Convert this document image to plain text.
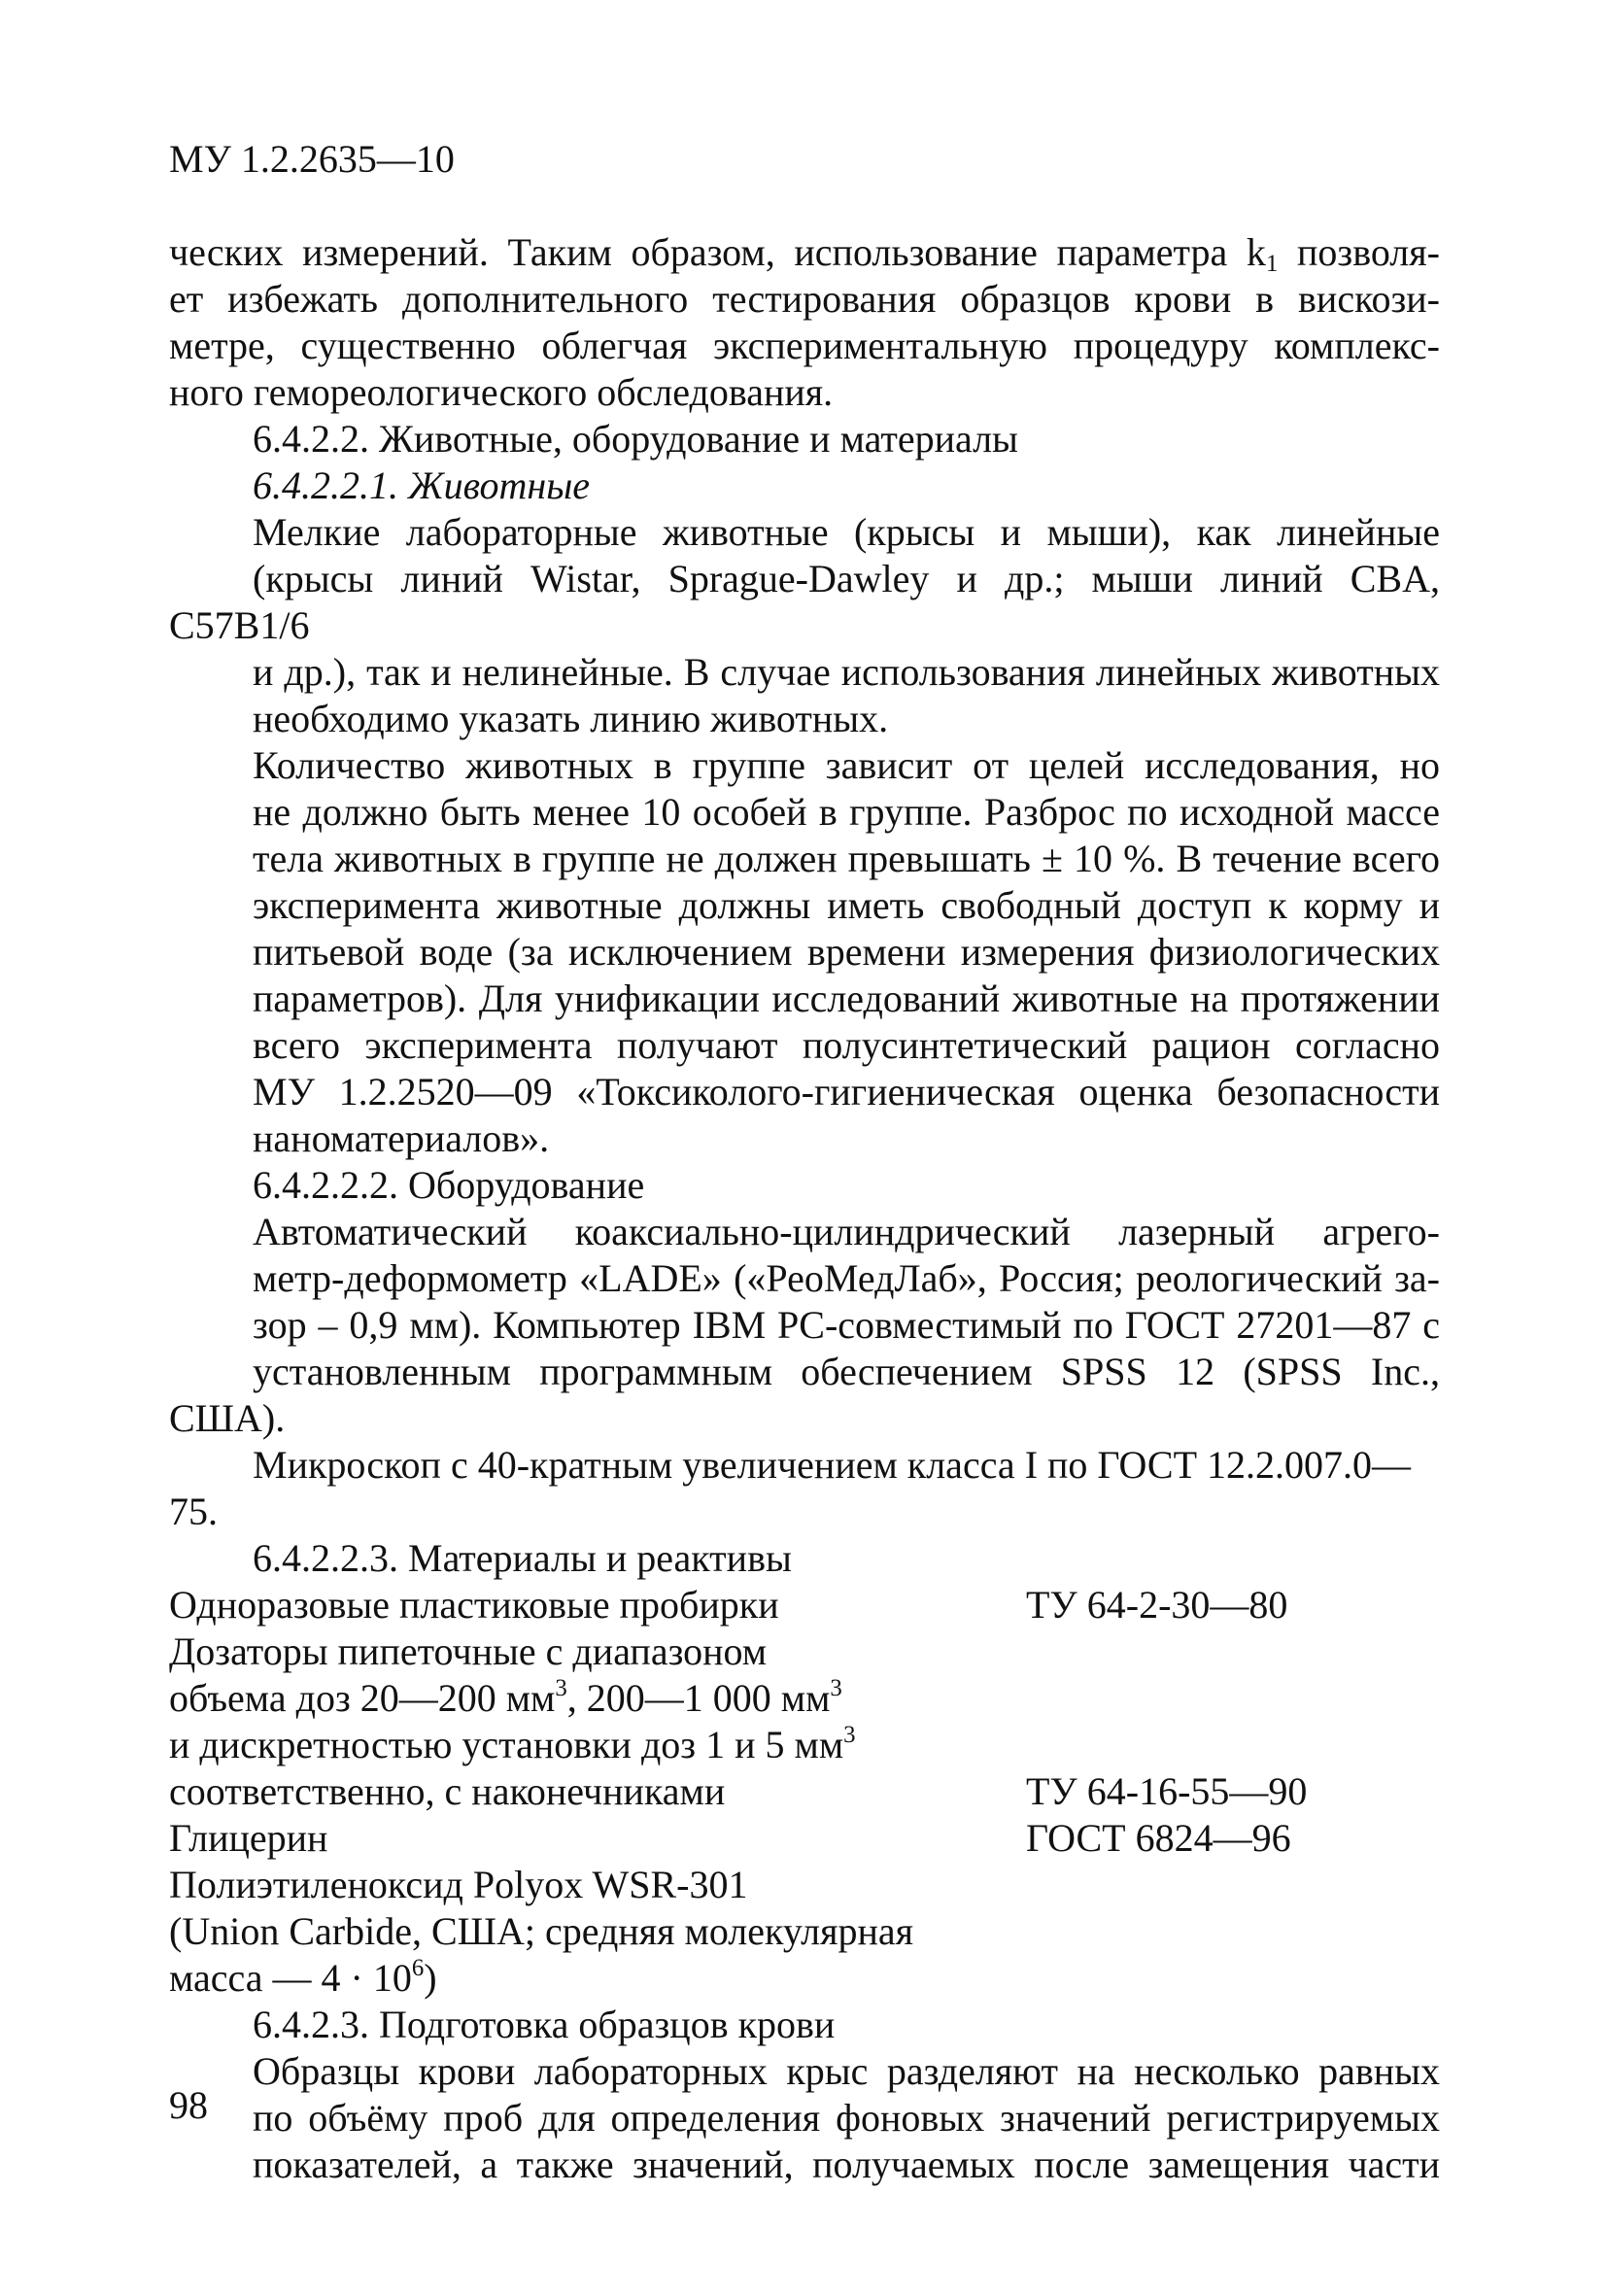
МУ 1.2.2635—10

ческих измерений. Таким образом, использование параметра $k_1$ позволя-
ет избежать дополнительного тестирования образцов крови в вискози-
метре, существенно облегчая экспериментальную процедуру комплекс-
ного гемореологического обследования.

6.4.2.2. Животные, оборудование и материалы

6.4.2.2.1. Животные

Мелкие лабораторные животные (крысы и мыши), как линейные
(крысы линий Wistar, Sprague-Dawley и др.; мыши линий CBA, C57B1/6
и др.), так и нелинейные. В случае использования линейных животных
необходимо указать линию животных.

Количество животных в группе зависит от целей исследования, но
не должно быть менее 10 особей в группе. Разброс по исходной массе
тела животных в группе не должен превышать ± 10 %. В течение всего
эксперимента животные должны иметь свободный доступ к корму и
питьевой воде (за исключением времени измерения физиологических
параметров). Для унификации исследований животные на протяжении
всего эксперимента получают полусинтетический рацион согласно
МУ 1.2.2520—09 «Токсиколого-гигиеническая оценка безопасности
наноматериалов».

6.4.2.2.2. Оборудование

Автоматический коаксиально-цилиндрический лазерный агрего-
метр-деформометр «LADE» («РеоМедЛаб», Россия; реологический за-
зор – 0,9 мм). Компьютер IBM PC-совместимый по ГОСТ 27201—87 с
установленным программным обеспечением SPSS 12 (SPSS Inc., США).
Микроскоп с 40-кратным увеличением класса I по ГОСТ 12.2.007.0—75.

6.4.2.2.3. Материалы и реактивы

Одноразовые пластиковые пробирки	ТУ 64-2-30—80
Дозаторы пипеточные с диапазоном	
объема доз 20—200 $мм^3$, 200—1 000 $мм^3$	
и дискретностью установки доз 1 и 5 $мм^3$	
соответственно, с наконечниками	ТУ 64-16-55—90
Глицерин	ГОСТ 6824—96
Полиэтиленоксид Polyox WSR-301	
(Union Carbide, США; средняя молекулярная	
масса — $4 \cdot 10^6$)	

6.4.2.3. Подготовка образцов крови

Образцы крови лабораторных крыс разделяют на несколько равных
по объёму проб для определения фоновых значений регистрируемых
показателей, а также значений, получаемых после замещения части

98
